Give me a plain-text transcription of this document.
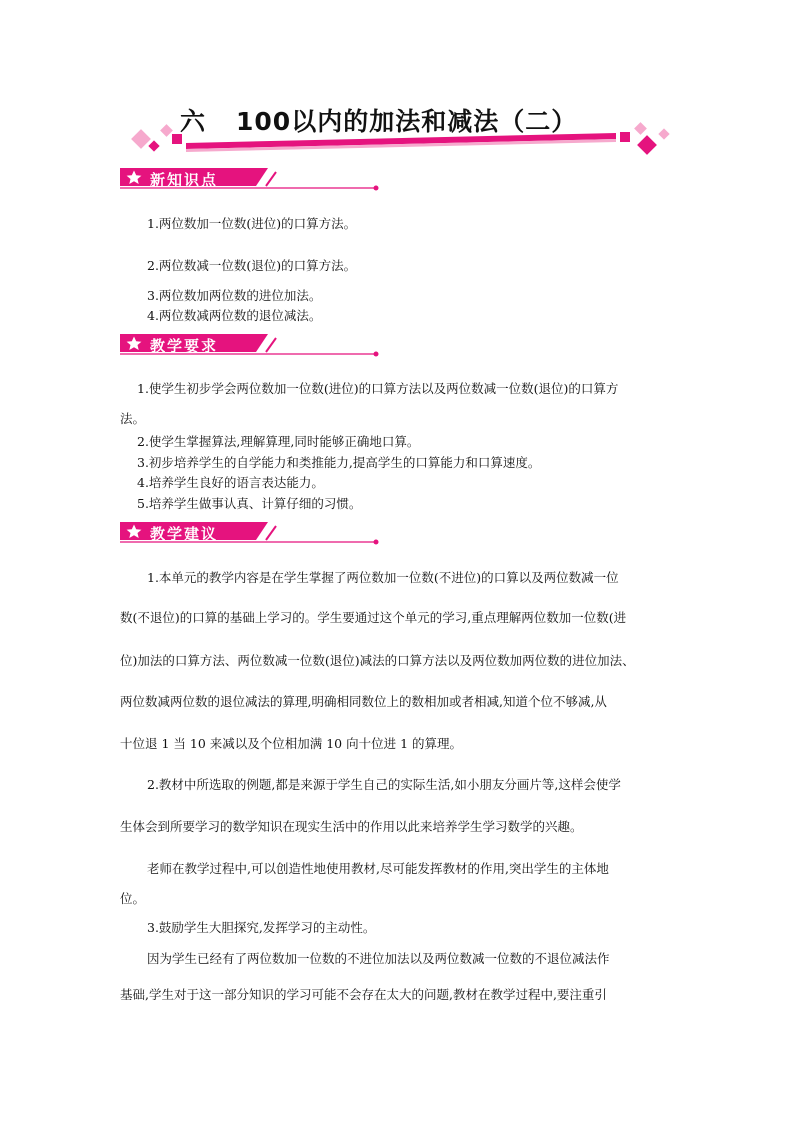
六 100以内的加法和减法（二）
新知识点
1.两位数加一位数(进位)的口算方法。
2.两位数减一位数(退位)的口算方法。
3.两位数加两位数的进位加法。
4.两位数减两位数的退位减法。
教学要求
1.使学生初步学会两位数加一位数(进位)的口算方法以及两位数减一位数(退位)的口算方
法。
2.使学生掌握算法,理解算理,同时能够正确地口算。
3.初步培养学生的自学能力和类推能力,提高学生的口算能力和口算速度。
4.培养学生良好的语言表达能力。
5.培养学生做事认真、计算仔细的习惯。
教学建议
1.本单元的教学内容是在学生掌握了两位数加一位数(不进位)的口算以及两位数减一位
数(不退位)的口算的基础上学习的。学生要通过这个单元的学习,重点理解两位数加一位数(进
位)加法的口算方法、两位数减一位数(退位)减法的口算方法以及两位数加两位数的进位加法、
两位数减两位数的退位减法的算理,明确相同数位上的数相加或者相减,知道个位不够减,从
十位退 1 当 10 来减以及个位相加满 10 向十位进 1 的算理。
2.教材中所选取的例题,都是来源于学生自己的实际生活,如小朋友分画片等,这样会使学
生体会到所要学习的数学知识在现实生活中的作用以此来培养学生学习数学的兴趣。
老师在教学过程中,可以创造性地使用教材,尽可能发挥教材的作用,突出学生的主体地
位。
3.鼓励学生大胆探究,发挥学习的主动性。
因为学生已经有了两位数加一位数的不进位加法以及两位数减一位数的不退位减法作
基础,学生对于这一部分知识的学习可能不会存在太大的问题,教材在教学过程中,要注重引
